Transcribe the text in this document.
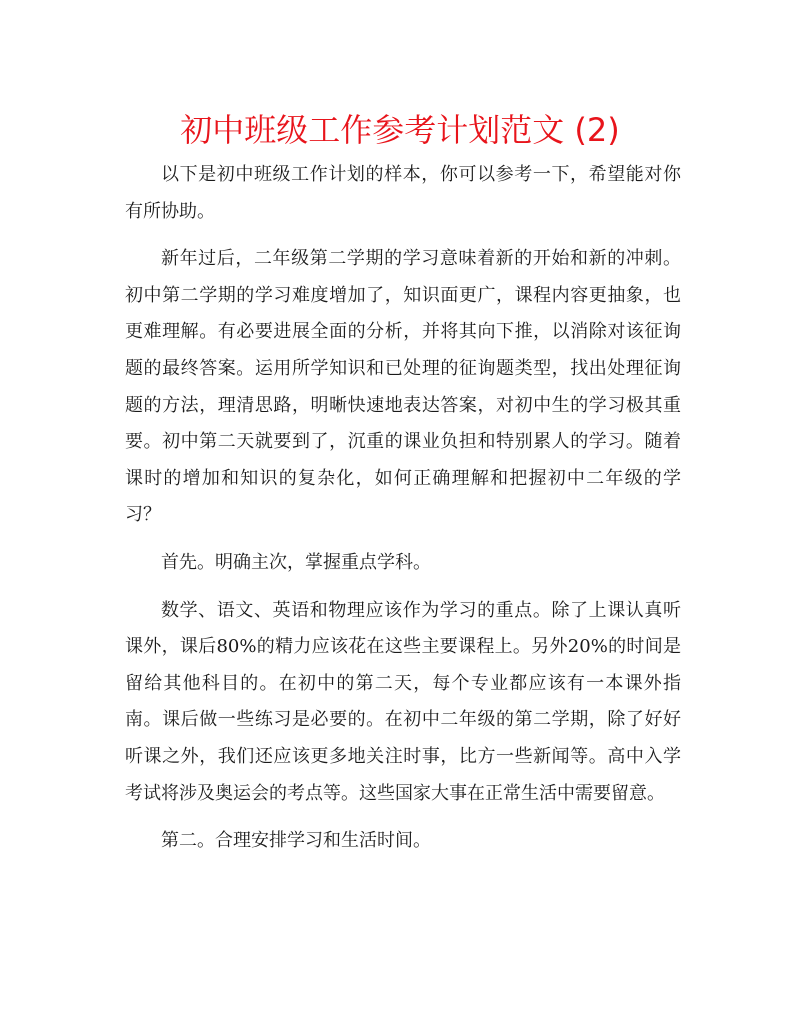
初中班级工作参考计划范文 (2)

以下是初中班级工作计划的样本，你可以参考一下，希望能对你有所协助。

新年过后，二年级第二学期的学习意味着新的开始和新的冲刺。初中第二学期的学习难度增加了，知识面更广，课程内容更抽象，也更难理解。有必要进展全面的分析，并将其向下推，以消除对该征询题的最终答案。运用所学知识和已处理的征询题类型，找出处理征询题的方法，理清思路，明晰快速地表达答案，对初中生的学习极其重要。初中第二天就要到了，沉重的课业负担和特别累人的学习。随着课时的增加和知识的复杂化，如何正确理解和把握初中二年级的学习？

首先。明确主次，掌握重点学科。

数学、语文、英语和物理应该作为学习的重点。除了上课认真听课外，课后80%的精力应该花在这些主要课程上。另外20%的时间是留给其他科目的。在初中的第二天，每个专业都应该有一本课外指南。课后做一些练习是必要的。在初中二年级的第二学期，除了好好听课之外，我们还应该更多地关注时事，比方一些新闻等。高中入学考试将涉及奥运会的考点等。这些国家大事在正常生活中需要留意。

第二。合理安排学习和生活时间。
